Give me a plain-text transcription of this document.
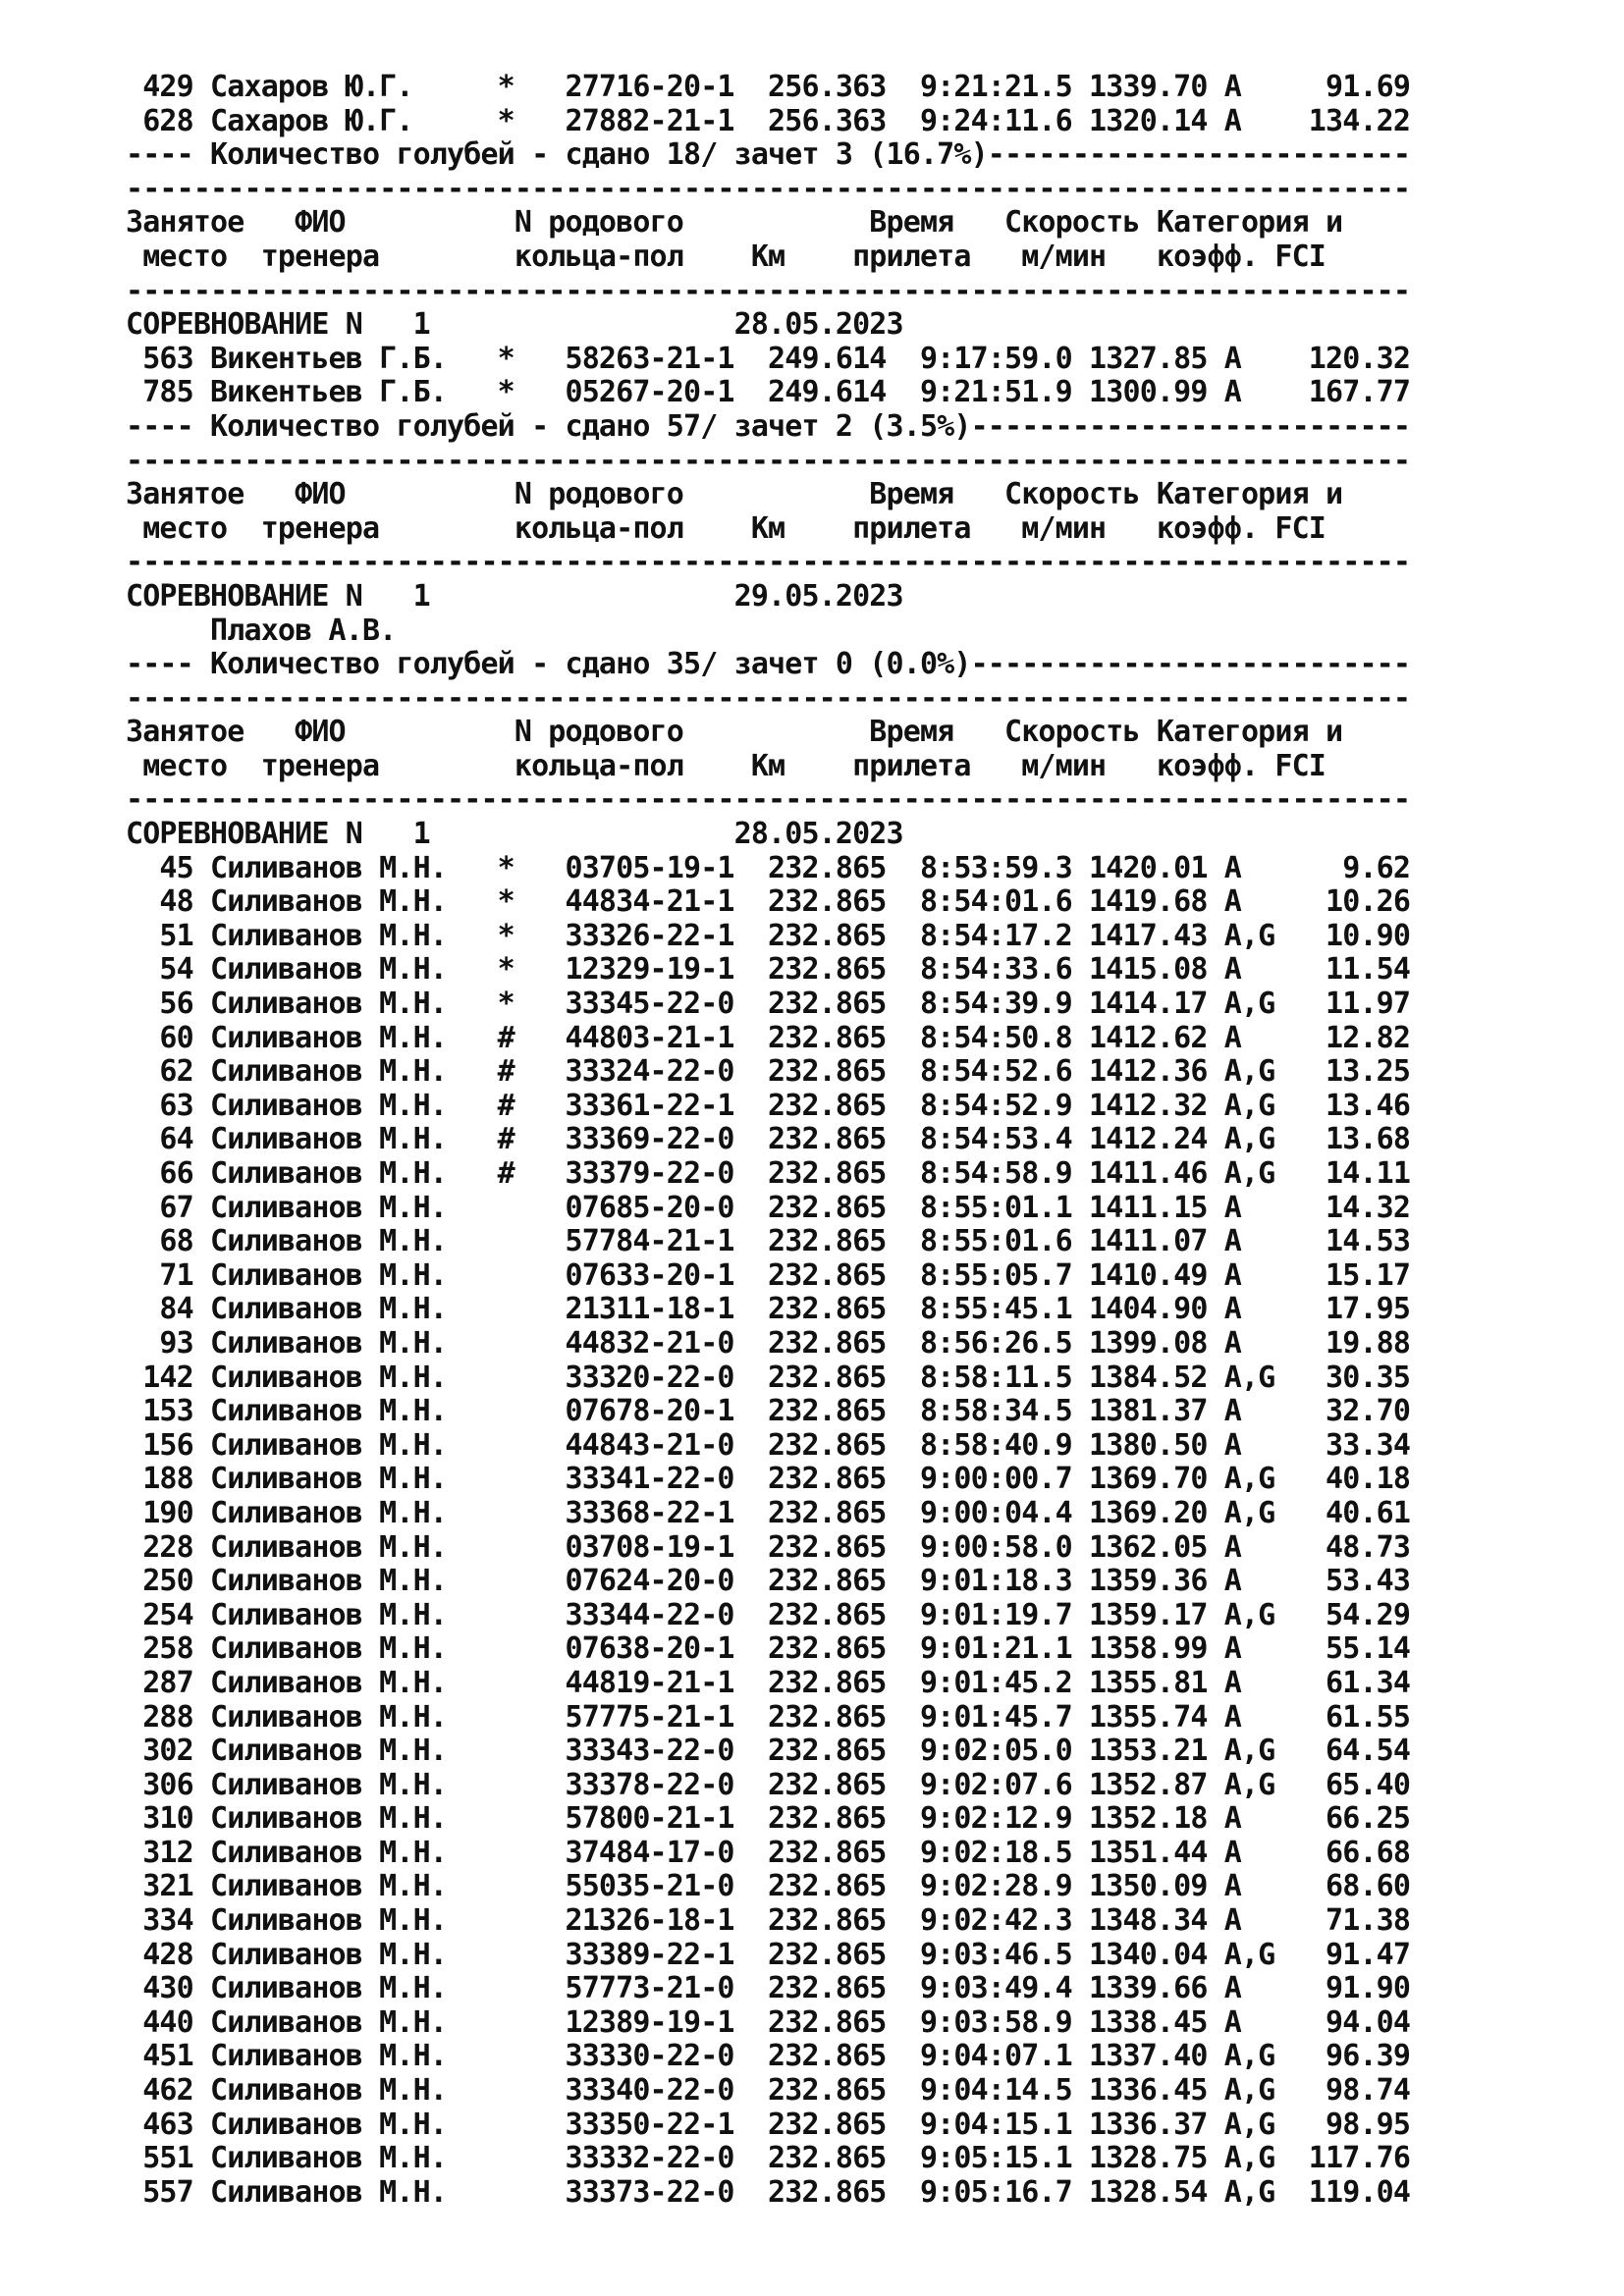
429 Сахаров Ю.Г.     *   27716-20-1  256.363  9:21:21.5 1339.70 A     91.69
628 Сахаров Ю.Г.     *   27882-21-1  256.363  9:24:11.6 1320.14 A    134.22
---- Количество голубей - сдано 18/ зачет 3 (16.7%)-------------------------
----------------------------------------------------------------------------
Занятое   ФИО          N родового           Время   Скорость Категория и
место  тренера        кольца-пол    Км    прилета   м/мин   коэфф. FCI
----------------------------------------------------------------------------
СОРЕВНОВАНИЕ N   1                  28.05.2023
563 Викентьев Г.Б.   *   58263-21-1  249.614  9:17:59.0 1327.85 A    120.32
785 Викентьев Г.Б.   *   05267-20-1  249.614  9:21:51.9 1300.99 A    167.77
---- Количество голубей - сдано 57/ зачет 2 (3.5%)--------------------------
----------------------------------------------------------------------------
Занятое   ФИО          N родового           Время   Скорость Категория и
место  тренера        кольца-пол    Км    прилета   м/мин   коэфф. FCI
----------------------------------------------------------------------------
СОРЕВНОВАНИЕ N   1                  29.05.2023
Плахов А.В.
---- Количество голубей - сдано 35/ зачет 0 (0.0%)--------------------------
----------------------------------------------------------------------------
Занятое   ФИО          N родового           Время   Скорость Категория и
место  тренера        кольца-пол    Км    прилета   м/мин   коэфф. FCI
----------------------------------------------------------------------------
СОРЕВНОВАНИЕ N   1                  28.05.2023
45 Силиванов М.Н.   *   03705-19-1  232.865  8:53:59.3 1420.01 A      9.62
48 Силиванов М.Н.   *   44834-21-1  232.865  8:54:01.6 1419.68 A     10.26
51 Силиванов М.Н.   *   33326-22-1  232.865  8:54:17.2 1417.43 A,G   10.90
54 Силиванов М.Н.   *   12329-19-1  232.865  8:54:33.6 1415.08 A     11.54
56 Силиванов М.Н.   *   33345-22-0  232.865  8:54:39.9 1414.17 A,G   11.97
60 Силиванов М.Н.   #   44803-21-1  232.865  8:54:50.8 1412.62 A     12.82
62 Силиванов М.Н.   #   33324-22-0  232.865  8:54:52.6 1412.36 A,G   13.25
63 Силиванов М.Н.   #   33361-22-1  232.865  8:54:52.9 1412.32 A,G   13.46
64 Силиванов М.Н.   #   33369-22-0  232.865  8:54:53.4 1412.24 A,G   13.68
66 Силиванов М.Н.   #   33379-22-0  232.865  8:54:58.9 1411.46 A,G   14.11
67 Силиванов М.Н.       07685-20-0  232.865  8:55:01.1 1411.15 A     14.32
68 Силиванов М.Н.       57784-21-1  232.865  8:55:01.6 1411.07 A     14.53
71 Силиванов М.Н.       07633-20-1  232.865  8:55:05.7 1410.49 A     15.17
84 Силиванов М.Н.       21311-18-1  232.865  8:55:45.1 1404.90 A     17.95
93 Силиванов М.Н.       44832-21-0  232.865  8:56:26.5 1399.08 A     19.88
142 Силиванов М.Н.       33320-22-0  232.865  8:58:11.5 1384.52 A,G   30.35
153 Силиванов М.Н.       07678-20-1  232.865  8:58:34.5 1381.37 A     32.70
156 Силиванов М.Н.       44843-21-0  232.865  8:58:40.9 1380.50 A     33.34
188 Силиванов М.Н.       33341-22-0  232.865  9:00:00.7 1369.70 A,G   40.18
190 Силиванов М.Н.       33368-22-1  232.865  9:00:04.4 1369.20 A,G   40.61
228 Силиванов М.Н.       03708-19-1  232.865  9:00:58.0 1362.05 A     48.73
250 Силиванов М.Н.       07624-20-0  232.865  9:01:18.3 1359.36 A     53.43
254 Силиванов М.Н.       33344-22-0  232.865  9:01:19.7 1359.17 A,G   54.29
258 Силиванов М.Н.       07638-20-1  232.865  9:01:21.1 1358.99 A     55.14
287 Силиванов М.Н.       44819-21-1  232.865  9:01:45.2 1355.81 A     61.34
288 Силиванов М.Н.       57775-21-1  232.865  9:01:45.7 1355.74 A     61.55
302 Силиванов М.Н.       33343-22-0  232.865  9:02:05.0 1353.21 A,G   64.54
306 Силиванов М.Н.       33378-22-0  232.865  9:02:07.6 1352.87 A,G   65.40
310 Силиванов М.Н.       57800-21-1  232.865  9:02:12.9 1352.18 A     66.25
312 Силиванов М.Н.       37484-17-0  232.865  9:02:18.5 1351.44 A     66.68
321 Силиванов М.Н.       55035-21-0  232.865  9:02:28.9 1350.09 A     68.60
334 Силиванов М.Н.       21326-18-1  232.865  9:02:42.3 1348.34 A     71.38
428 Силиванов М.Н.       33389-22-1  232.865  9:03:46.5 1340.04 A,G   91.47
430 Силиванов М.Н.       57773-21-0  232.865  9:03:49.4 1339.66 A     91.90
440 Силиванов М.Н.       12389-19-1  232.865  9:03:58.9 1338.45 A     94.04
451 Силиванов М.Н.       33330-22-0  232.865  9:04:07.1 1337.40 A,G   96.39
462 Силиванов М.Н.       33340-22-0  232.865  9:04:14.5 1336.45 A,G   98.74
463 Силиванов М.Н.       33350-22-1  232.865  9:04:15.1 1336.37 A,G   98.95
551 Силиванов М.Н.       33332-22-0  232.865  9:05:15.1 1328.75 A,G  117.76
557 Силиванов М.Н.       33373-22-0  232.865  9:05:16.7 1328.54 A,G  119.04
